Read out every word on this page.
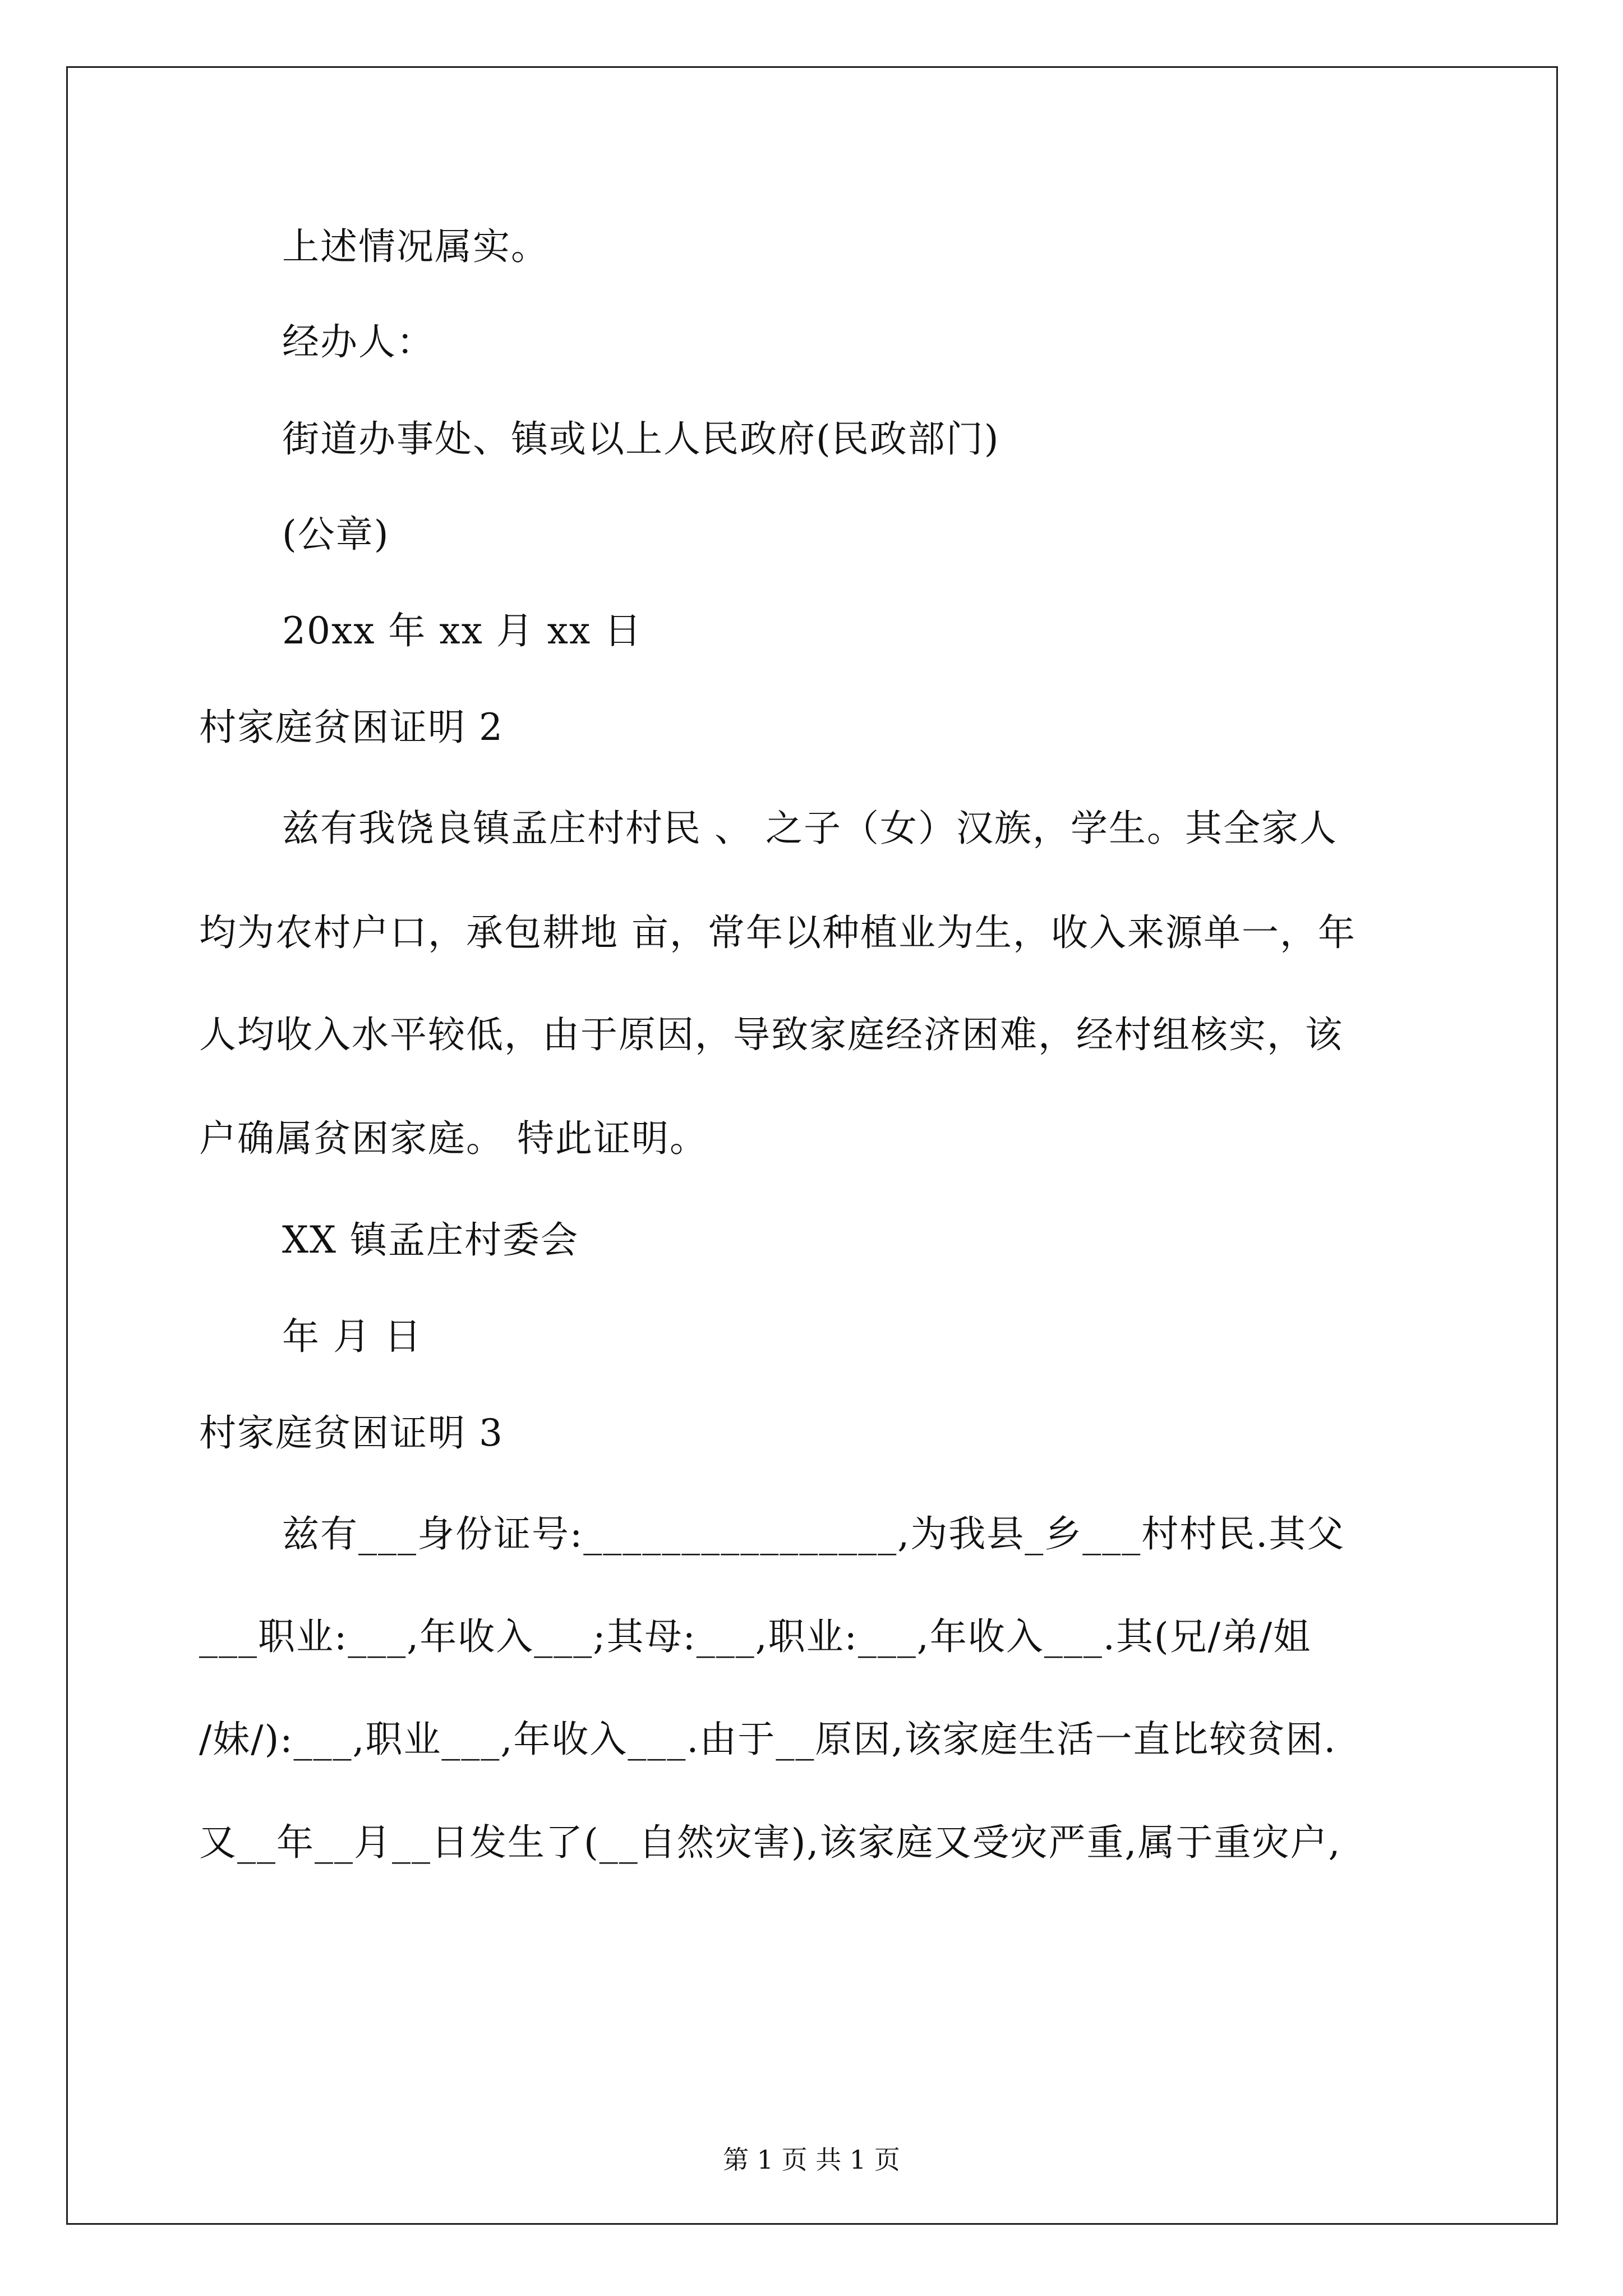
上述情况属实。
经办人：
街道办事处、镇或以上人民政府(民政部门)
(公章)
20xx 年 xx 月 xx 日
村家庭贫困证明 2
兹有我饶良镇孟庄村村民 、 之子（女）汉族，学生。其全家人
均为农村户口，承包耕地 亩，常年以种植业为生，收入来源单一，年
人均收入水平较低，由于原因，导致家庭经济困难，经村组核实，该
户确属贫困家庭。 特此证明。
XX 镇孟庄村委会
年 月 日
村家庭贫困证明 3
兹有___身份证号:________________,为我县_乡___村村民.其父
___职业:___,年收入___;其母:___,职业:___,年收入___.其(兄/弟/姐
/妹/):___,职业___,年收入___.由于__原因,该家庭生活一直比较贫困.
又__年__月__日发生了(__自然灾害),该家庭又受灾严重,属于重灾户,
第 1 页 共 1 页
